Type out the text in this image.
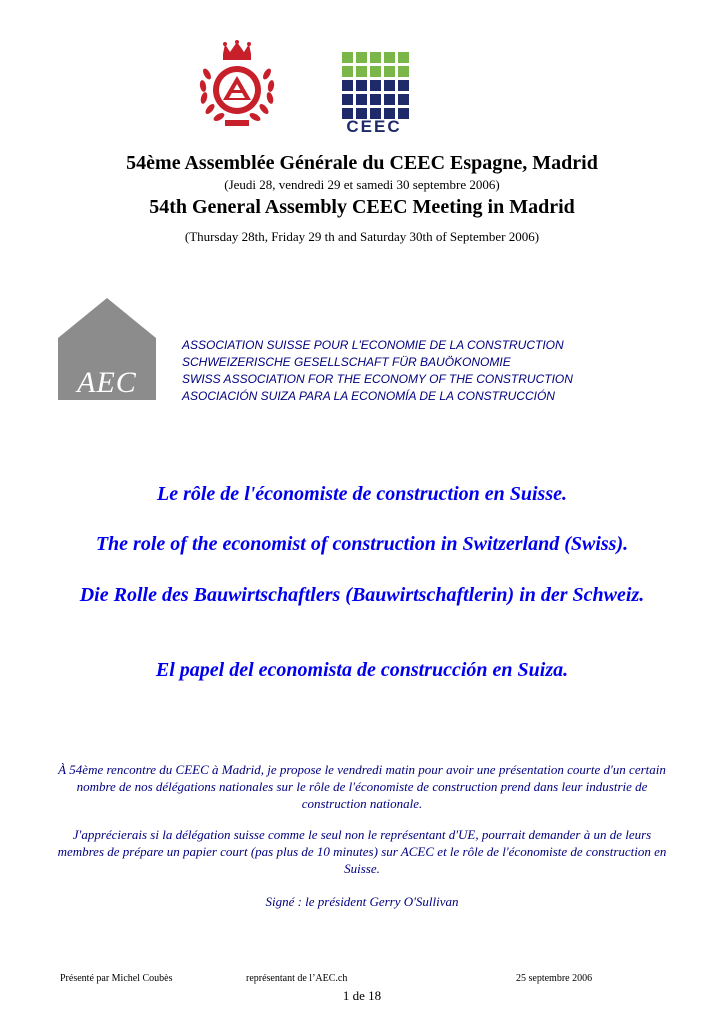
CEEC
54ème Assemblée Générale du CEEC Espagne, Madrid
(Jeudi 28, vendredi 29 et samedi 30 septembre 2006)
54th General Assembly CEEC Meeting in Madrid
(Thursday 28th, Friday 29 th and Saturday 30th of September 2006)
AEC
ASSOCIATION SUISSE POUR L'ECONOMIE DE LA CONSTRUCTION
SCHWEIZERISCHE GESELLSCHAFT FÜR BAUÖKONOMIE
SWISS ASSOCIATION FOR THE ECONOMY OF THE CONSTRUCTION
ASOCIACIÓN SUIZA PARA LA ECONOMÍA DE LA CONSTRUCCIÓN
Le rôle de l'économiste de construction en Suisse.
The role of the economist of construction in Switzerland (Swiss).
Die Rolle des Bauwirtschaftlers (Bauwirtschaftlerin) in der Schweiz.
El papel del economista de construcción en Suiza.
À 54ème rencontre du CEEC à Madrid, je propose le vendredi matin pour avoir une présentation courte d'un certain nombre de nos délégations nationales sur le rôle de l'économiste de construction prend dans leur industrie de construction nationale.
J'apprécierais si la délégation suisse comme le seul non le représentant d'UE, pourrait demander à un de leurs membres de prépare un papier court (pas plus de 10 minutes) sur ACEC et le rôle de l'économiste de construction en Suisse.
Signé : le président Gerry O'Sullivan
Présenté par Michel Coubès	représentant de l’AEC.ch	25 septembre 2006
1 de 18
